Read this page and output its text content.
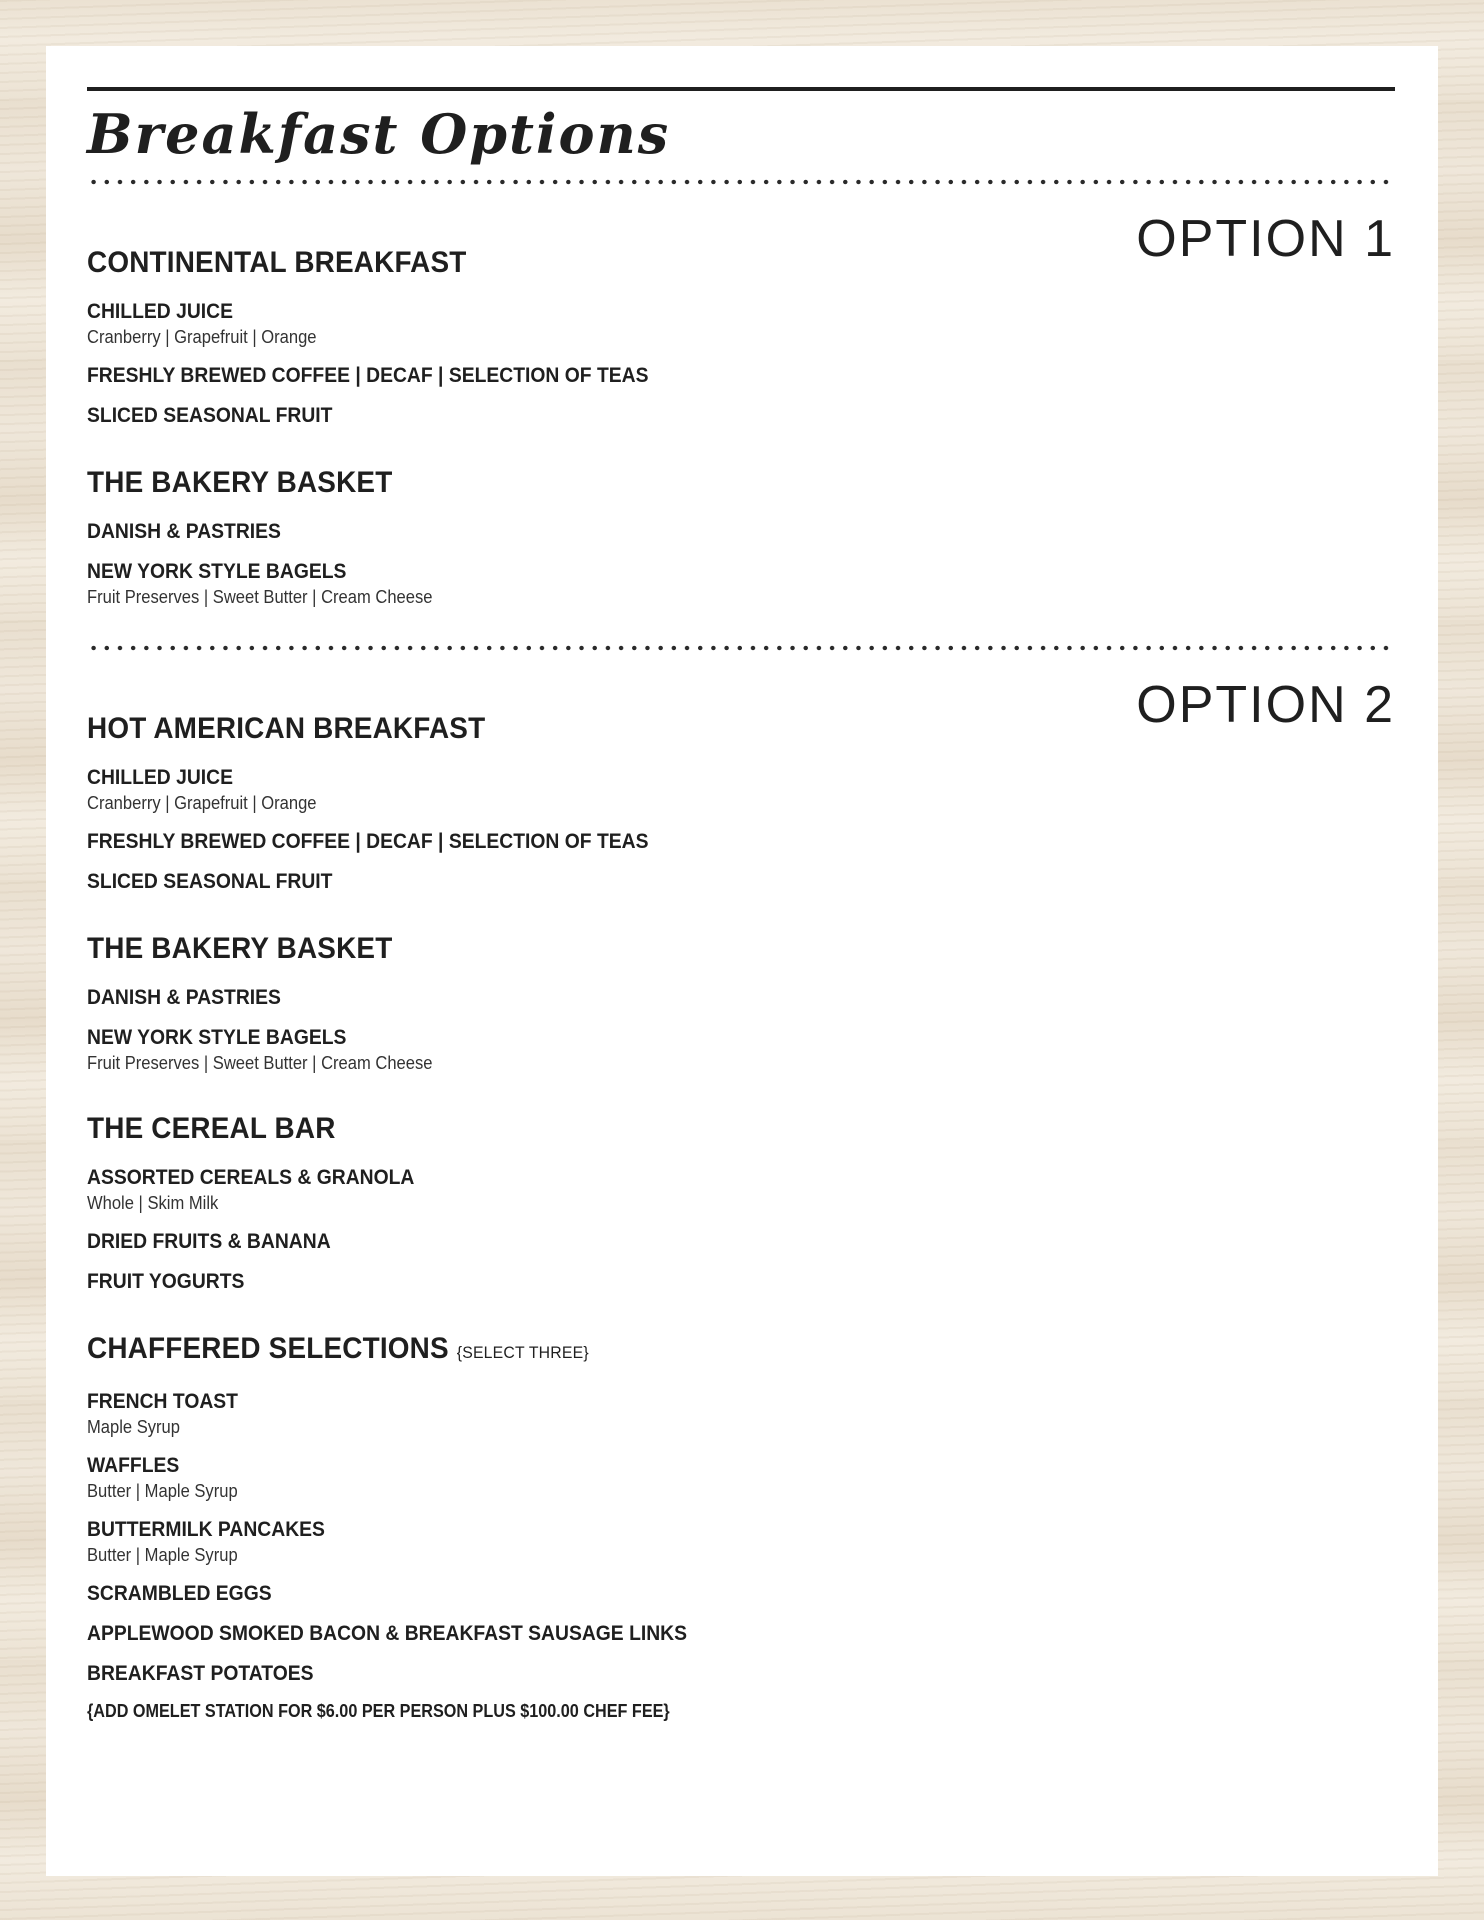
Breakfast Options
OPTION 1
CONTINENTAL BREAKFAST

CHILLED JUICE

Cranberry | Grapefruit | Orange

FRESHLY BREWED COFFEE | DECAF | SELECTION OF TEAS

SLICED SEASONAL FRUIT

THE BAKERY BASKET

DANISH & PASTRIES

NEW YORK STYLE BAGELS

Fruit Preserves | Sweet Butter | Cream Cheese

OPTION 2
HOT AMERICAN BREAKFAST

CHILLED JUICE

Cranberry | Grapefruit | Orange

FRESHLY BREWED COFFEE | DECAF | SELECTION OF TEAS

SLICED SEASONAL FRUIT

THE BAKERY BASKET

DANISH & PASTRIES

NEW YORK STYLE BAGELS

Fruit Preserves | Sweet Butter | Cream Cheese

THE CEREAL BAR

ASSORTED CEREALS & GRANOLA

Whole | Skim Milk

DRIED FRUITS & BANANA

FRUIT YOGURTS

CHAFFERED SELECTIONS {SELECT THREE}

FRENCH TOAST

Maple Syrup

WAFFLES

Butter | Maple Syrup

BUTTERMILK PANCAKES

Butter | Maple Syrup

SCRAMBLED EGGS

APPLEWOOD SMOKED BACON & BREAKFAST SAUSAGE LINKS

BREAKFAST POTATOES

{ADD OMELET STATION FOR $6.00 PER PERSON PLUS $100.00 CHEF FEE}
